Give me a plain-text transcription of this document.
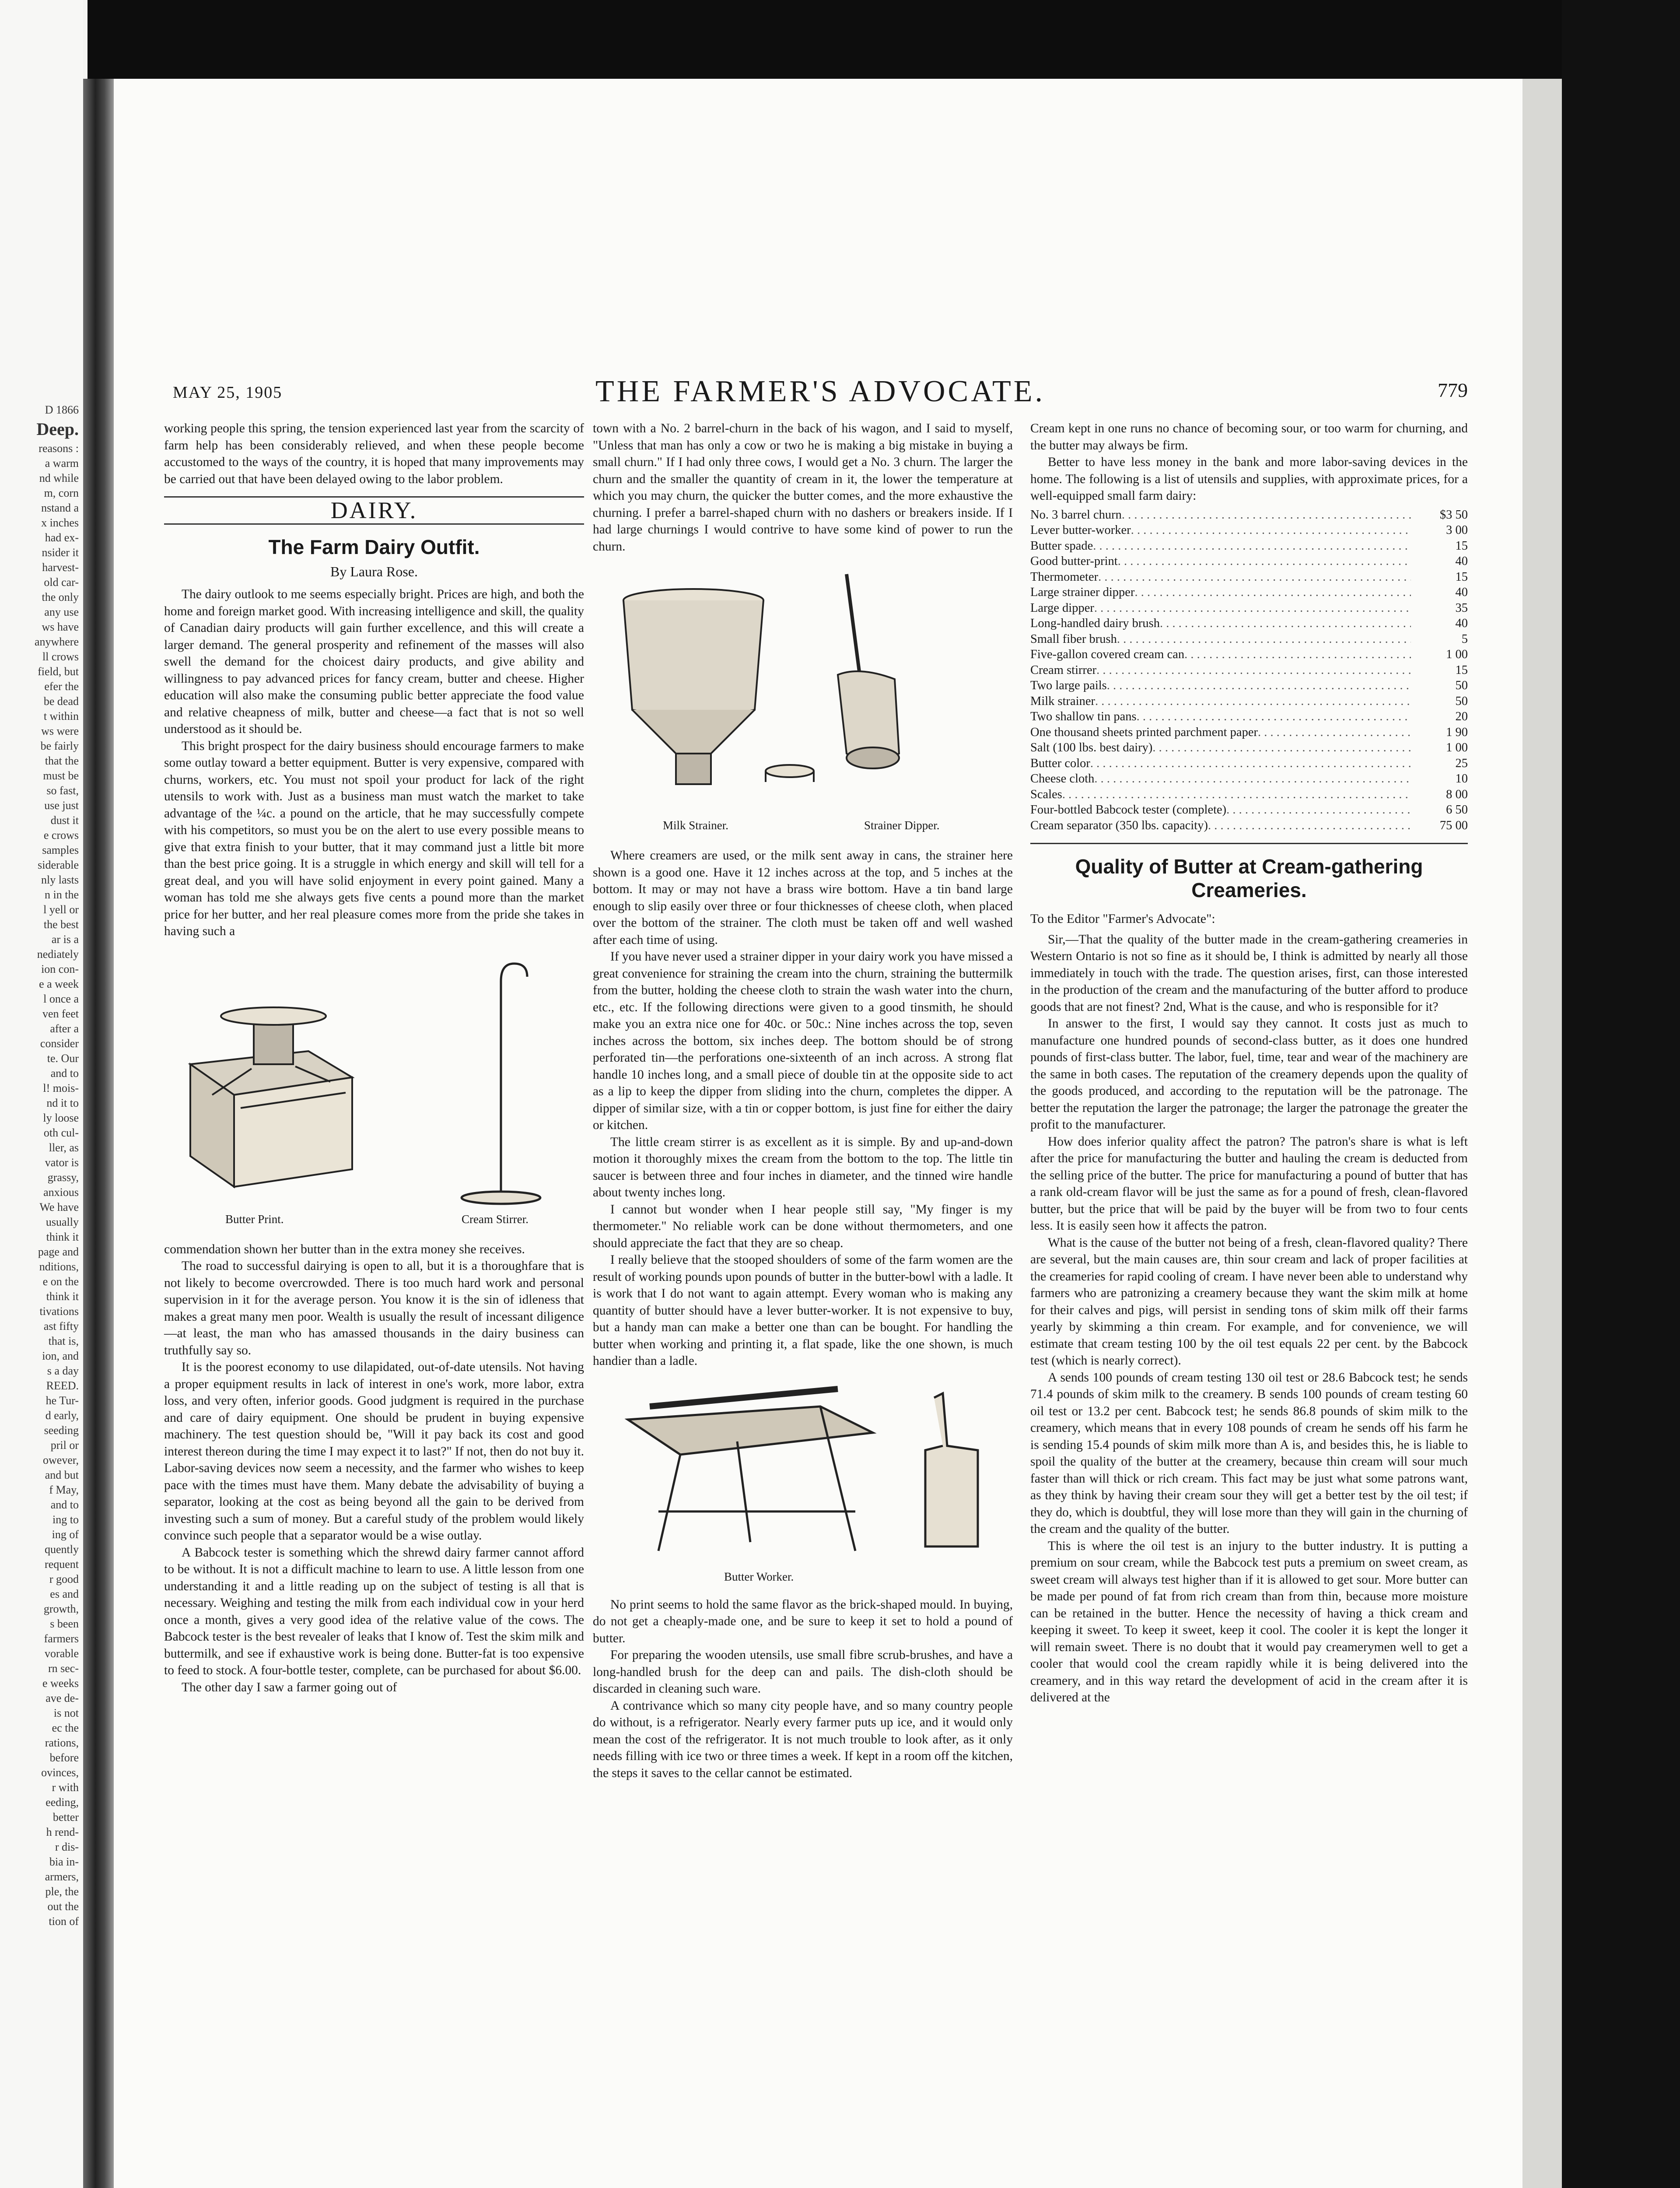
D 1866
Deep.
reasons :
a warm
nd while
m, corn
nstand a
x inches
had ex-
nsider it
harvest-
old car-
the only
any use
ws have
anywhere
ll crows
field, but
efer the
be dead
t within
ws were
be fairly
that the
must be
so fast,
use just
dust it
e crows
samples
siderable
nly lasts
n in the
l yell or
the best
ar is a
nediately
ion con-
e a week
l once a
ven feet
after a
consider
te. Our
and to
l! mois-
nd it to
ly loose
oth cul-
ller, as
vator is
grassy,
anxious
We have
usually
think it
page and
nditions,
e on the
think it
tivations
ast fifty
that is,
ion, and
s a day
REED.
he Tur-
d early,
seeding
pril or
owever,
and but
f May,
and to
ing to
ing of
quently
requent
r good
es and
growth,
s been
farmers
vorable
rn sec-
e weeks
ave de-
is not
ec the
rations,
before
ovinces,
r with
eeding,
better
h rend-
r dis-
bia in-
armers,
ple, the
out the
tion of
MAY 25, 1905	THE FARMER'S ADVOCATE.	779

working people this spring, the tension experienced last year from the scarcity of farm help has been considerably relieved, and when these people become accustomed to the ways of the country, it is hoped that many improvements may be carried out that have been delayed owing to the labor problem.

DAIRY.
The Farm Dairy Outfit.
By Laura Rose.

The dairy outlook to me seems especially bright. Prices are high, and both the home and foreign market good. With increasing intelligence and skill, the quality of Canadian dairy products will gain further excellence, and this will create a larger demand. The general prosperity and refinement of the masses will also swell the demand for the choicest dairy products, and give ability and willingness to pay advanced prices for fancy cream, butter and cheese. Higher education will also make the consuming public better appreciate the food value and relative cheapness of milk, butter and cheese—a fact that is not so well understood as it should be.

This bright prospect for the dairy business should encourage farmers to make some outlay toward a better equipment. Butter is very expensive, compared with churns, workers, etc. You must not spoil your product for lack of the right utensils to work with. Just as a business man must watch the market to take advantage of the ¼c. a pound on the article, that he may successfully compete with his competitors, so must you be on the alert to use every possible means to give that extra finish to your butter, that it may command just a little bit more than the best price going. It is a struggle in which energy and skill will tell for a great deal, and you will have solid enjoyment in every point gained. Many a woman has told me she always gets five cents a pound more than the market price for her butter, and her real pleasure comes more from the pride she takes in having such a

Butter Print.	Cream Stirrer.

commendation shown her butter than in the extra money she receives.

The road to successful dairying is open to all, but it is a thoroughfare that is not likely to become overcrowded. There is too much hard work and personal supervision in it for the average person. You know it is the sin of idleness that makes a great many men poor. Wealth is usually the result of incessant diligence—at least, the man who has amassed thousands in the dairy business can truthfully say so.

It is the poorest economy to use dilapidated, out-of-date utensils. Not having a proper equipment results in lack of interest in one's work, more labor, extra loss, and very often, inferior goods. Good judgment is required in the purchase and care of dairy equipment. One should be prudent in buying expensive machinery. The test question should be, "Will it pay back its cost and good interest thereon during the time I may expect it to last?" If not, then do not buy it. Labor-saving devices now seem a necessity, and the farmer who wishes to keep pace with the times must have them. Many debate the advisability of buying a separator, looking at the cost as being beyond all the gain to be derived from investing such a sum of money. But a careful study of the problem would likely convince such people that a separator would be a wise outlay.

A Babcock tester is something which the shrewd dairy farmer cannot afford to be without. It is not a difficult machine to learn to use. A little lesson from one understanding it and a little reading up on the subject of testing is all that is necessary. Weighing and testing the milk from each individual cow in your herd once a month, gives a very good idea of the relative value of the cows. The Babcock tester is the best revealer of leaks that I know of. Test the skim milk and buttermilk, and see if exhaustive work is being done. Butter-fat is too expensive to feed to stock. A four-bottle tester, complete, can be purchased for about $6.00.

The other day I saw a farmer going out of

town with a No. 2 barrel-churn in the back of his wagon, and I said to myself, "Unless that man has only a cow or two he is making a big mistake in buying a small churn." If I had only three cows, I would get a No. 3 churn. The larger the churn and the smaller the quantity of cream in it, the lower the temperature at which you may churn, the quicker the butter comes, and the more exhaustive the churning. I prefer a barrel-shaped churn with no dashers or breakers inside. If I had large churnings I would contrive to have some kind of power to run the churn.

Milk Strainer.	Strainer Dipper.

Where creamers are used, or the milk sent away in cans, the strainer here shown is a good one. Have it 12 inches across at the top, and 5 inches at the bottom. It may or may not have a brass wire bottom. Have a tin band large enough to slip easily over three or four thicknesses of cheese cloth, when placed over the bottom of the strainer. The cloth must be taken off and well washed after each time of using.

If you have never used a strainer dipper in your dairy work you have missed a great convenience for straining the cream into the churn, straining the buttermilk from the butter, holding the cheese cloth to strain the wash water into the churn, etc., etc. If the following directions were given to a good tinsmith, he should make you an extra nice one for 40c. or 50c.: Nine inches across the top, seven inches across the bottom, six inches deep. The bottom should be of strong perforated tin—the perforations one-sixteenth of an inch across. A strong flat handle 10 inches long, and a small piece of double tin at the opposite side to act as a lip to keep the dipper from sliding into the churn, completes the dipper. A dipper of similar size, with a tin or copper bottom, is just fine for either the dairy or kitchen.

The little cream stirrer is as excellent as it is simple. By and up-and-down motion it thoroughly mixes the cream from the bottom to the top. The little tin saucer is between three and four inches in diameter, and the tinned wire handle about twenty inches long.

I cannot but wonder when I hear people still say, "My finger is my thermometer." No reliable work can be done without thermometers, and one should appreciate the fact that they are so cheap.

I really believe that the stooped shoulders of some of the farm women are the result of working pounds upon pounds of butter in the butter-bowl with a ladle. It is work that I do not want to again attempt. Every woman who is making any quantity of butter should have a lever butter-worker. It is not expensive to buy, but a handy man can make a better one than can be bought. For handling the butter when working and printing it, a flat spade, like the one shown, is much handier than a ladle.

Butter Worker.

No print seems to hold the same flavor as the brick-shaped mould. In buying, do not get a cheaply-made one, and be sure to keep it set to hold a pound of butter.

For preparing the wooden utensils, use small fibre scrub-brushes, and have a long-handled brush for the deep can and pails. The dish-cloth should be discarded in cleaning such ware.

A contrivance which so many city people have, and so many country people do without, is a refrigerator. Nearly every farmer puts up ice, and it would only mean the cost of the refrigerator. It is not much trouble to look after, as it only needs filling with ice two or three times a week. If kept in a room off the kitchen, the steps it saves to the cellar cannot be estimated.

Cream kept in one runs no chance of becoming sour, or too warm for churning, and the butter may always be firm.

Better to have less money in the bank and more labor-saving devices in the home. The following is a list of utensils and supplies, with approximate prices, for a well-equipped small farm dairy:

No. 3 barrel churn . . .	$3 50
Lever butter-worker . . .	3 00
Butter spade . . .	15
Good butter-print . . .	40
Thermometer . . .	15
Large strainer dipper . . .	40
Large dipper . . .	35
Long-handled dairy brush . . .	40
Small fiber brush . . .	5
Five-gallon covered cream can . . .	1 00
Cream stirrer . . .	15
Two large pails . . .	50
Milk strainer . . .	50
Two shallow tin pans . . .	20
One thousand sheets printed parchment paper . . .	1 90
Salt (100 lbs. best dairy) . . .	1 00
Butter color . . .	25
Cheese cloth . . .	10
Scales . . .	8 00
Four-bottled Babcock tester (complete) . . .	6 50
Cream separator (350 lbs. capacity) . . .	75 00
Quality of Butter at Cream-gathering Creameries.
To the Editor "Farmer's Advocate":

Sir,—That the quality of the butter made in the cream-gathering creameries in Western Ontario is not so fine as it should be, I think is admitted by nearly all those immediately in touch with the trade. The question arises, first, can those interested in the production of the cream and the manufacturing of the butter afford to produce goods that are not finest? 2nd, What is the cause, and who is responsible for it?

In answer to the first, I would say they cannot. It costs just as much to manufacture one hundred pounds of second-class butter, as it does one hundred pounds of first-class butter. The labor, fuel, time, tear and wear of the machinery are the same in both cases. The reputation of the creamery depends upon the quality of the goods produced, and according to the reputation will be the patronage. The better the reputation the larger the patronage; the larger the patronage the greater the profit to the manufacturer.

How does inferior quality affect the patron? The patron's share is what is left after the price for manufacturing the butter and hauling the cream is deducted from the selling price of the butter. The price for manufacturing a pound of butter that has a rank old-cream flavor will be just the same as for a pound of fresh, clean-flavored butter, but the price that will be paid by the buyer will be from two to four cents less. It is easily seen how it affects the patron.

What is the cause of the butter not being of a fresh, clean-flavored quality? There are several, but the main causes are, thin sour cream and lack of proper facilities at the creameries for rapid cooling of cream. I have never been able to understand why farmers who are patronizing a creamery because they want the skim milk at home for their calves and pigs, will persist in sending tons of skim milk off their farms yearly by skimming a thin cream. For example, and for convenience, we will estimate that cream testing 100 by the oil test equals 22 per cent. by the Babcock test (which is nearly correct).

A sends 100 pounds of cream testing 130 oil test or 28.6 Babcock test; he sends 71.4 pounds of skim milk to the creamery. B sends 100 pounds of cream testing 60 oil test or 13.2 per cent. Babcock test; he sends 86.8 pounds of skim milk to the creamery, which means that in every 108 pounds of cream he sends off his farm he is sending 15.4 pounds of skim milk more than A is, and besides this, he is liable to spoil the quality of the butter at the creamery, because thin cream will sour much faster than will thick or rich cream. This fact may be just what some patrons want, as they think by having their cream sour they will get a better test by the oil test; if they do, which is doubtful, they will lose more than they will gain in the churning of the cream and the quality of the butter.

This is where the oil test is an injury to the butter industry. It is putting a premium on sour cream, while the Babcock test puts a premium on sweet cream, as sweet cream will always test higher than if it is allowed to get sour. More butter can be made per pound of fat from rich cream than from thin, because more moisture can be retained in the butter. Hence the necessity of having a thick cream and keeping it sweet. To keep it sweet, keep it cool. The cooler it is kept the longer it will remain sweet. There is no doubt that it would pay creamerymen well to get a cooler that would cool the cream rapidly while it is being delivered into the creamery, and in this way retard the development of acid in the cream after it is delivered at the
